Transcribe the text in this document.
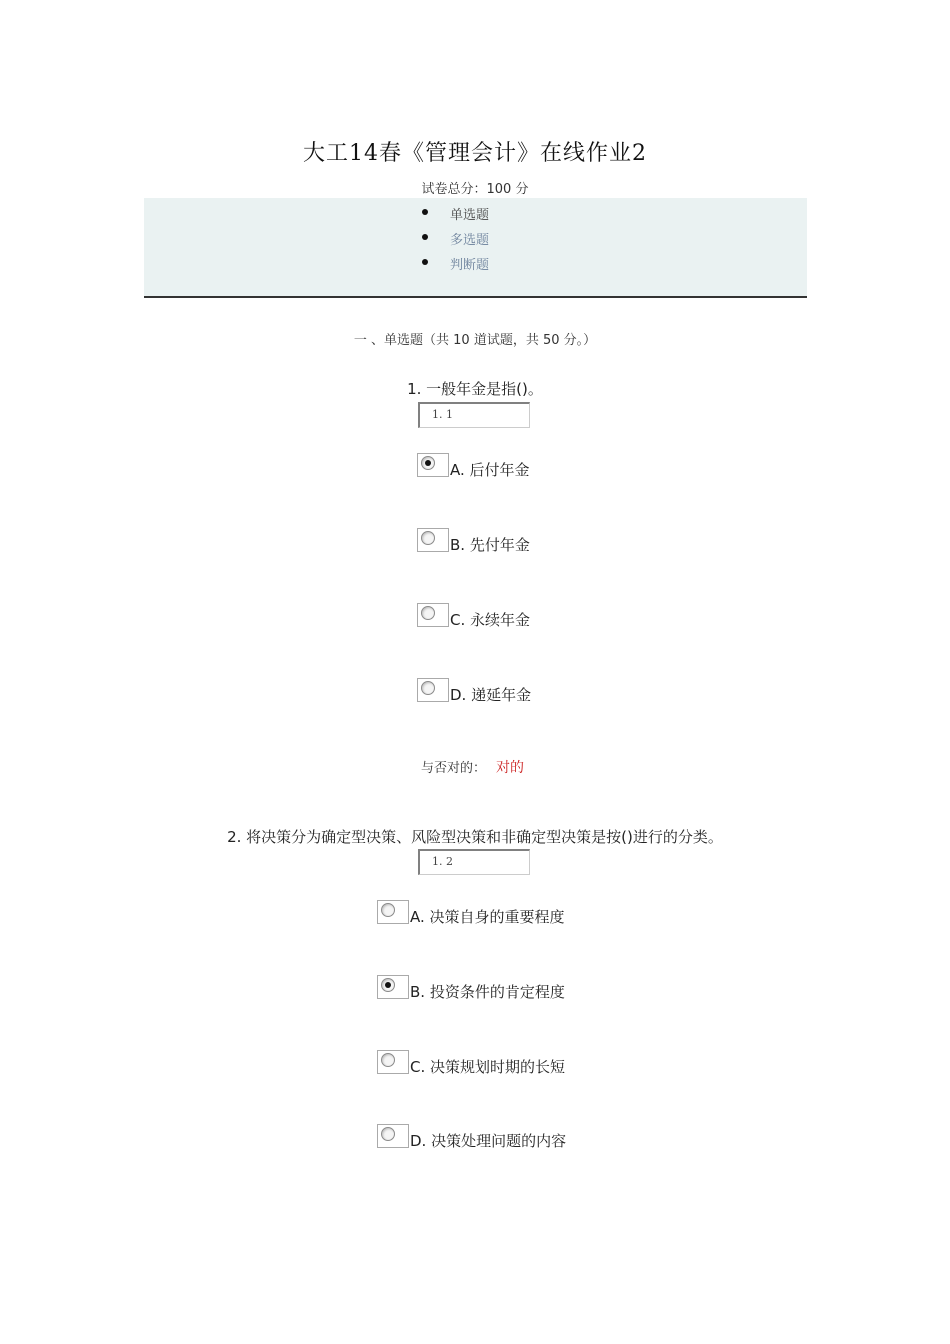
大工14春《管理会计》在线作业2
试卷总分：100 分
单选题
多选题
判断题
一 、单选题（共 10 道试题，共 50 分。）
1. 一般年金是指()。
1. 1
A. 后付年金
B. 先付年金
C. 永续年金
D. 递延年金
与否对的： 对的
2. 将决策分为确定型决策、风险型决策和非确定型决策是按()进行的分类。
1. 2
A. 决策自身的重要程度
B. 投资条件的肯定程度
C. 决策规划时期的长短
D. 决策处理问题的内容
